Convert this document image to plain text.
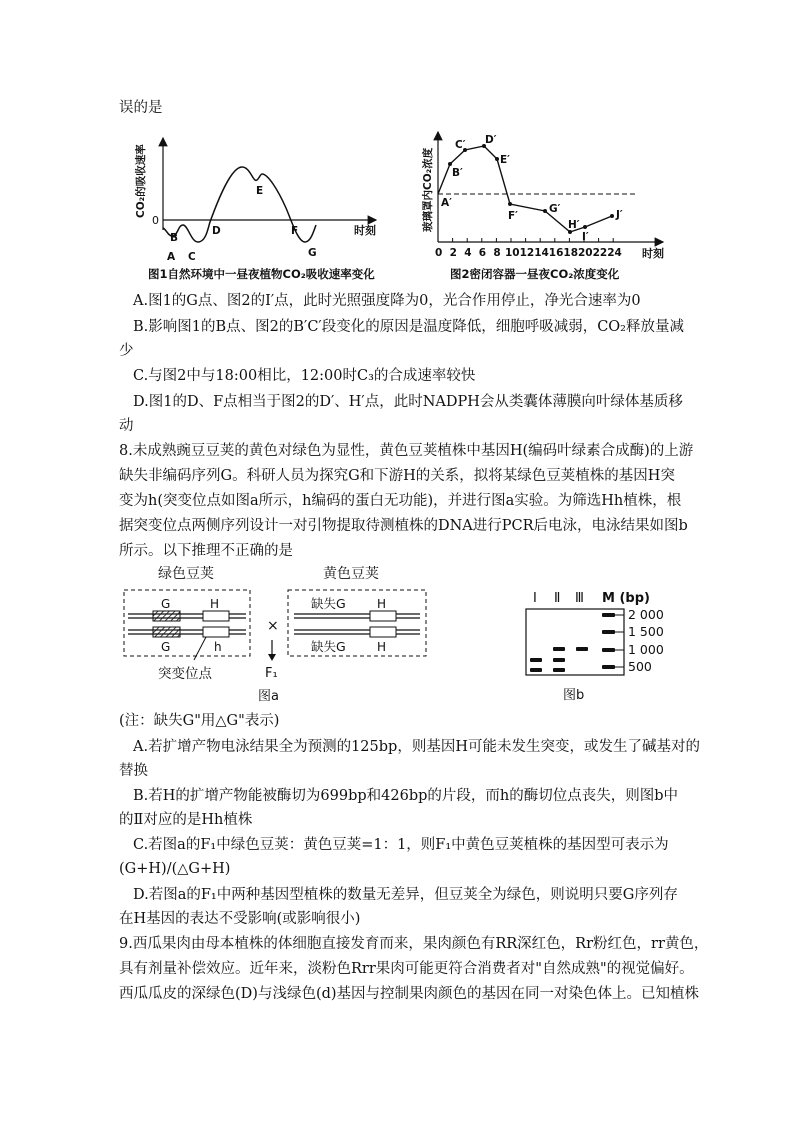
误的是
0
CO₂的吸收速率
时刻
A
B
C
D
E
F
G
图1自然环境中一昼夜植物CO₂吸收速率变化
玻璃罩内CO₂浓度
时刻
0 2 4 6 8 10 12 14 16 18 20 22 24
A′
B′
C′ D′
E′
F′
G′
H′
I′
J′
图2密闭容器一昼夜CO₂浓度变化
A.图1的G点、图2的I′点，此时光照强度降为0，光合作用停止，净光合速率为0
B.影响图1的B点、图2的B′C′段变化的原因是温度降低，细胞呼吸减弱，CO₂释放量减
少
C.与图2中与18:00相比，12:00时C₃的合成速率较快
D.图1的D、F点相当于图2的D′、H′点，此时NADPH会从类囊体薄膜向叶绿体基质移
动
8.未成熟豌豆豆荚的黄色对绿色为显性，黄色豆荚植株中基因H(编码叶绿素合成酶)的上游
缺失非编码序列G。科研人员为探究G和下游H的关系，拟将某绿色豆荚植株的基因H突
变为h(突变位点如图a所示，h编码的蛋白无功能)，并进行图a实验。为筛选Hh植株，根
据突变位点两侧序列设计一对引物提取待测植株的DNA进行PCR后电泳，电泳结果如图b
所示。以下推理不正确的是
绿色豆荚	黄色豆荚
G
G
H
h
突变位点
×
F₁
缺失G
缺失G
H
H
图a
Ⅰ Ⅱ Ⅲ M (bp)
2 000
1 500
1 000
500
图b
(注：缺失G"用△G"表示)
A.若扩增产物电泳结果全为预测的125bp，则基因H可能未发生突变，或发生了碱基对的
替换
B.若H的扩增产物能被酶切为699bp和426bp的片段，而h的酶切位点丧失，则图b中
的Ⅱ对应的是Hh植株
C.若图a的F₁中绿色豆荚：黄色豆荚=1：1，则F₁中黄色豆荚植株的基因型可表示为
(G+H)/(△G+H)
D.若图a的F₁中两种基因型植株的数量无差异，但豆荚全为绿色，则说明只要G序列存
在H基因的表达不受影响(或影响很小)
9.西瓜果肉由母本植株的体细胞直接发育而来，果肉颜色有RR深红色，Rr粉红色，rr黄色，
具有剂量补偿效应。近年来，淡粉色Rrr果肉可能更符合消费者对"自然成熟"的视觉偏好。
西瓜瓜皮的深绿色(D)与浅绿色(d)基因与控制果肉颜色的基因在同一对染色体上。已知植株
